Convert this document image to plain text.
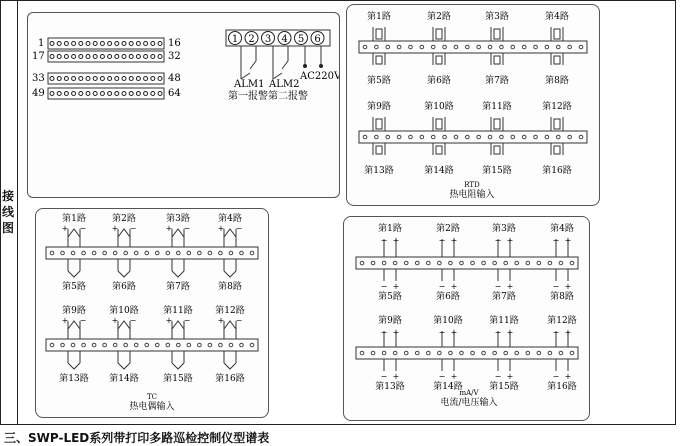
接
线
图
1
17
33
49
16
32
48
64
1 2 3 4 5 6
ALM1 ALM2
AC220V
第一报警第二报警
第1路	第2路	第3路	第4路
第5路	第6路	第7路	第8路
第9路	第10路	第11路	第12路
第13路	第14路	第15路	第16路
RTD
热电阻输入
第1路	第2路	第3路	第4路
+ −	+ −	+ −	+ −
第5路	第6路	第7路	第8路
第9路	第10路	第11路	第12路
+ −	+ −	+ −	+ −
第13路 第14路	第15路	第16路
TC
热电偶输入
第1路	第2路	第3路	第4路
− +
− +
− +
− +
− +
− +
− +
− +
第5路	第6路	第7路	第8路
第9路	第10路	第11路	第12路
− +
− +
− +
− +
− +
− +
− +
− +
第13路	第14路	第15路	第16路
mA/V
电流/电压输入
三、SWP-LED系列带打印多路巡检控制仪型谱表
